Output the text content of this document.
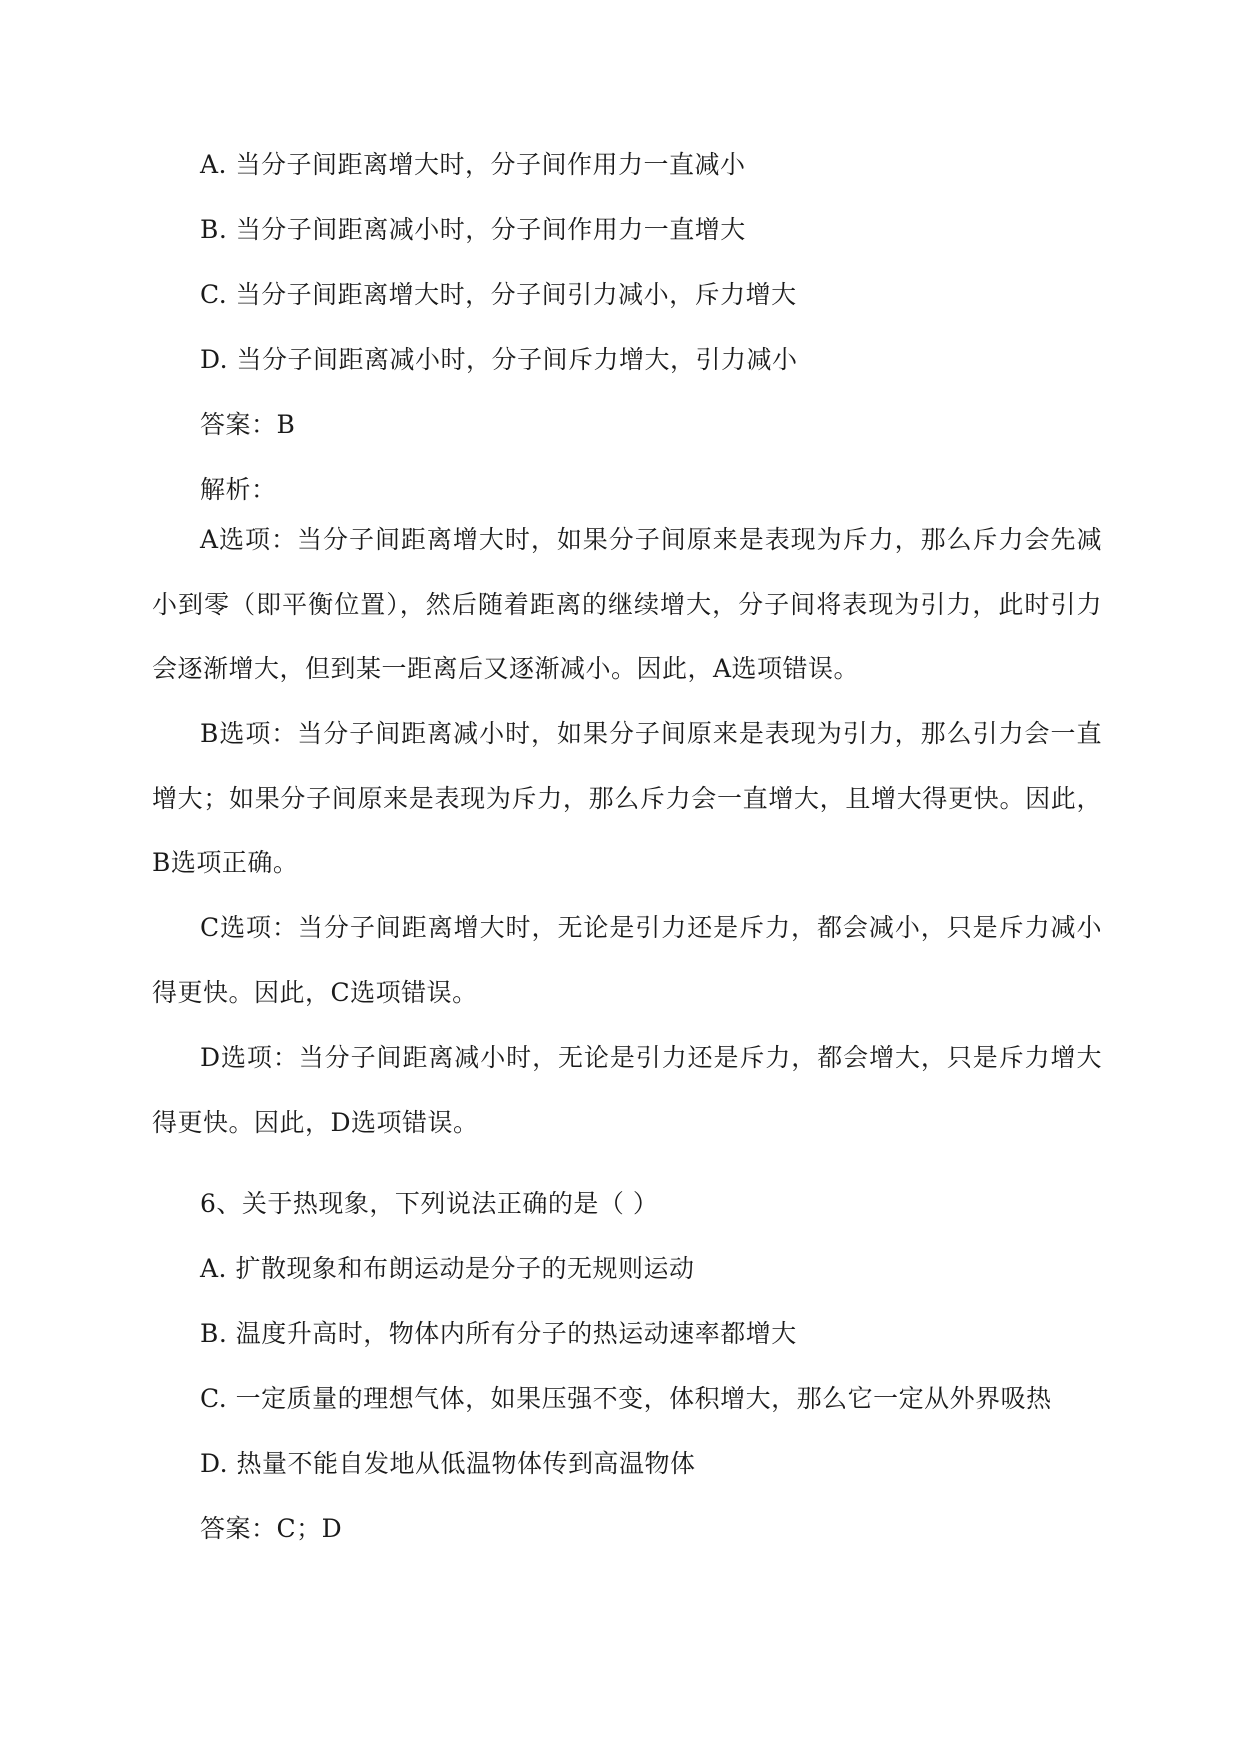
A. 当分子间距离增大时，分子间作用力一直减小
B. 当分子间距离减小时，分子间作用力一直增大
C. 当分子间距离增大时，分子间引力减小，斥力增大
D. 当分子间距离减小时，分子间斥力增大，引力减小
答案：B
解析：
A选项：当分子间距离增大时，如果分子间原来是表现为斥力，那么斥力会先减小到零（即平衡位置），然后随着距离的继续增大，分子间将表现为引力，此时引力会逐渐增大，但到某一距离后又逐渐减小。因此，A选项错误。
B选项：当分子间距离减小时，如果分子间原来是表现为引力，那么引力会一直增大；如果分子间原来是表现为斥力，那么斥力会一直增大，且增大得更快。因此，B选项正确。
C选项：当分子间距离增大时，无论是引力还是斥力，都会减小，只是斥力减小得更快。因此，C选项错误。
D选项：当分子间距离减小时，无论是引力还是斥力，都会增大，只是斥力增大得更快。因此，D选项错误。
6、关于热现象，下列说法正确的是（ ）
A. 扩散现象和布朗运动是分子的无规则运动
B. 温度升高时，物体内所有分子的热运动速率都增大
C. 一定质量的理想气体，如果压强不变，体积增大，那么它一定从外界吸热
D. 热量不能自发地从低温物体传到高温物体
答案：C；D
